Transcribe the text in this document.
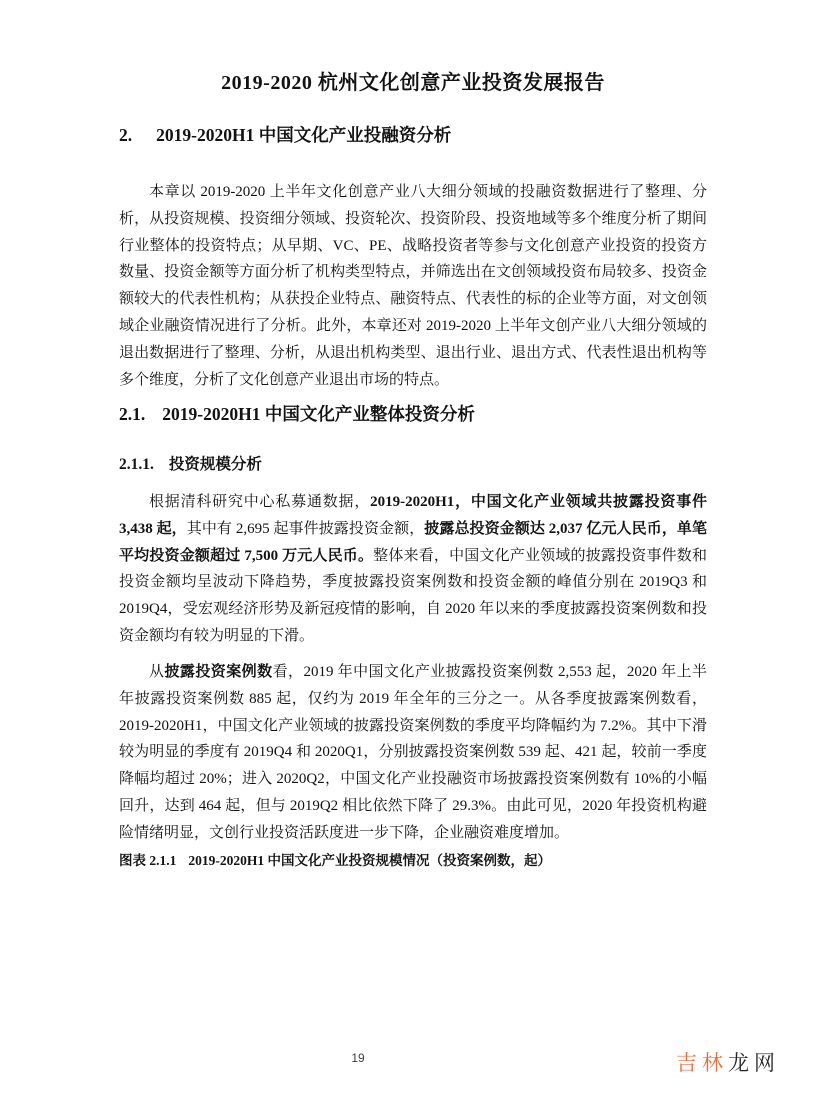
2019-2020 杭州文化创意产业投资发展报告
2. 2019-2020H1 中国文化产业投融资分析
本章以 2019-2020 上半年文化创意产业八大细分领域的投融资数据进行了整理、分析，从投资规模、投资细分领域、投资轮次、投资阶段、投资地域等多个维度分析了期间行业整体的投资特点；从早期、VC、PE、战略投资者等参与文化创意产业投资的投资方数量、投资金额等方面分析了机构类型特点，并筛选出在文创领域投资布局较多、投资金额较大的代表性机构；从获投企业特点、融资特点、代表性的标的企业等方面，对文创领域企业融资情况进行了分析。此外，本章还对 2019-2020 上半年文创产业八大细分领域的退出数据进行了整理、分析，从退出机构类型、退出行业、退出方式、代表性退出机构等多个维度，分析了文化创意产业退出市场的特点。
2.1. 2019-2020H1 中国文化产业整体投资分析
2.1.1. 投资规模分析
根据清科研究中心私募通数据，2019-2020H1，中国文化产业领域共披露投资事件 3,438 起，其中有 2,695 起事件披露投资金额，披露总投资金额达 2,037 亿元人民币，单笔平均投资金额超过 7,500 万元人民币。整体来看，中国文化产业领域的披露投资事件数和投资金额均呈波动下降趋势，季度披露投资案例数和投资金额的峰值分别在 2019Q3 和 2019Q4，受宏观经济形势及新冠疫情的影响，自 2020 年以来的季度披露投资案例数和投资金额均有较为明显的下滑。
从披露投资案例数看，2019 年中国文化产业披露投资案例数 2,553 起，2020 年上半年披露投资案例数 885 起，仅约为 2019 年全年的三分之一。从各季度披露案例数看，2019-2020H1，中国文化产业领域的披露投资案例数的季度平均降幅约为 7.2%。其中下滑较为明显的季度有 2019Q4 和 2020Q1，分别披露投资案例数 539 起、421 起，较前一季度降幅均超过 20%；进入 2020Q2，中国文化产业投融资市场披露投资案例数有 10%的小幅回升，达到 464 起，但与 2019Q2 相比依然下降了 29.3%。由此可见，2020 年投资机构避险情绪明显，文创行业投资活跃度进一步下降，企业融资难度增加。
图表 2.1.1 2019-2020H1 中国文化产业投资规模情况（投资案例数，起）
19	吉林龙网
